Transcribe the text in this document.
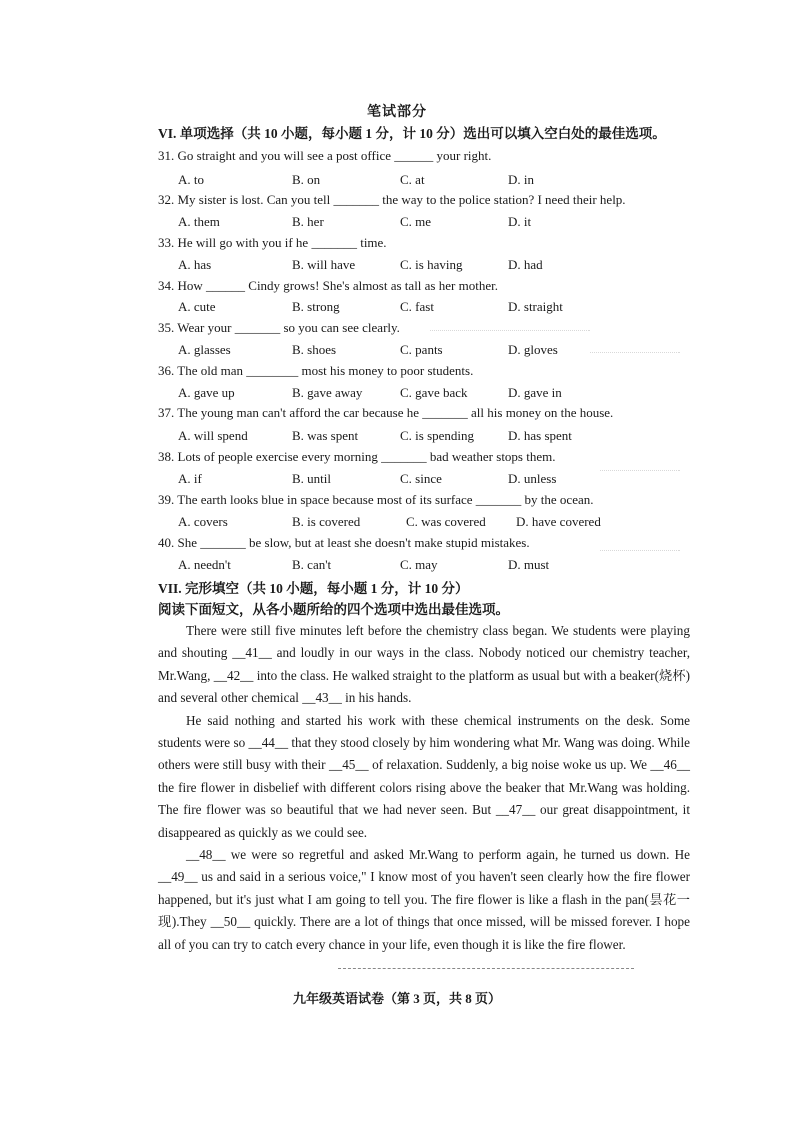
笔试部分
VI. 单项选择（共 10 小题，每小题 1 分，计 10 分）选出可以填入空白处的最佳选项。
31. Go straight and you will see a post office ______ your right.
A. to	B. on	C. at	D. in
32. My sister is lost. Can you tell _______ the way to the police station? I need their help.
A. them	B. her	C. me	D. it
33. He will go with you if he _______ time.
A. has	B. will have	C. is having	D. had
34. How ______ Cindy grows! She's almost as tall as her mother.
A. cute	B. strong	C. fast	D. straight
35. Wear your _______ so you can see clearly.
A. glasses	B. shoes	C. pants	D. gloves
36. The old man ________ most his money to poor students.
A. gave up	B. gave away	C. gave back	D. gave in
37. The young man can't afford the car because he _______ all his money on the house.
A. will spend	B. was spent	C. is spending	D. has spent
38. Lots of people exercise every morning _______ bad weather stops them.
A. if	B. until	C. since	D. unless
39. The earth looks blue in space because most of its surface _______ by the ocean.
A. covers	B. is covered	C. was covered D. have covered
40. She _______ be slow, but at least she doesn't make stupid mistakes.
A. needn't	B. can't	C. may	D. must
VII. 完形填空（共 10 小题，每小题 1 分，计 10 分）
阅读下面短文，从各小题所给的四个选项中选出最佳选项。

There were still five minutes left before the chemistry class began. We students were playing and shouting __41__ and loudly in our ways in the class. Nobody noticed our chemistry teacher, Mr.Wang, __42__ into the class. He walked straight to the platform as usual but with a beaker(烧杯) and several other chemical __43__ in his hands.

He said nothing and started his work with these chemical instruments on the desk. Some students were so __44__ that they stood closely by him wondering what Mr. Wang was doing. While others were still busy with their __45__ of relaxation. Suddenly, a big noise woke us up. We __46__ the fire flower in disbelief with different colors rising above the beaker that Mr.Wang was holding. The fire flower was so beautiful that we had never seen. But __47__ our great disappointment, it disappeared as quickly as we could see.

__48__ we were so regretful and asked Mr.Wang to perform again, he turned us down. He __49__ us and said in a serious voice," I know most of you haven't seen clearly how the fire flower happened, but it's just what I am going to tell you. The fire flower is like a flash in the pan(昙花一现).They __50__ quickly. There are a lot of things that once missed, will be missed forever. I hope all of you can try to catch every chance in your life, even though it is like the fire flower.

九年级英语试卷（第 3 页，共 8 页）
